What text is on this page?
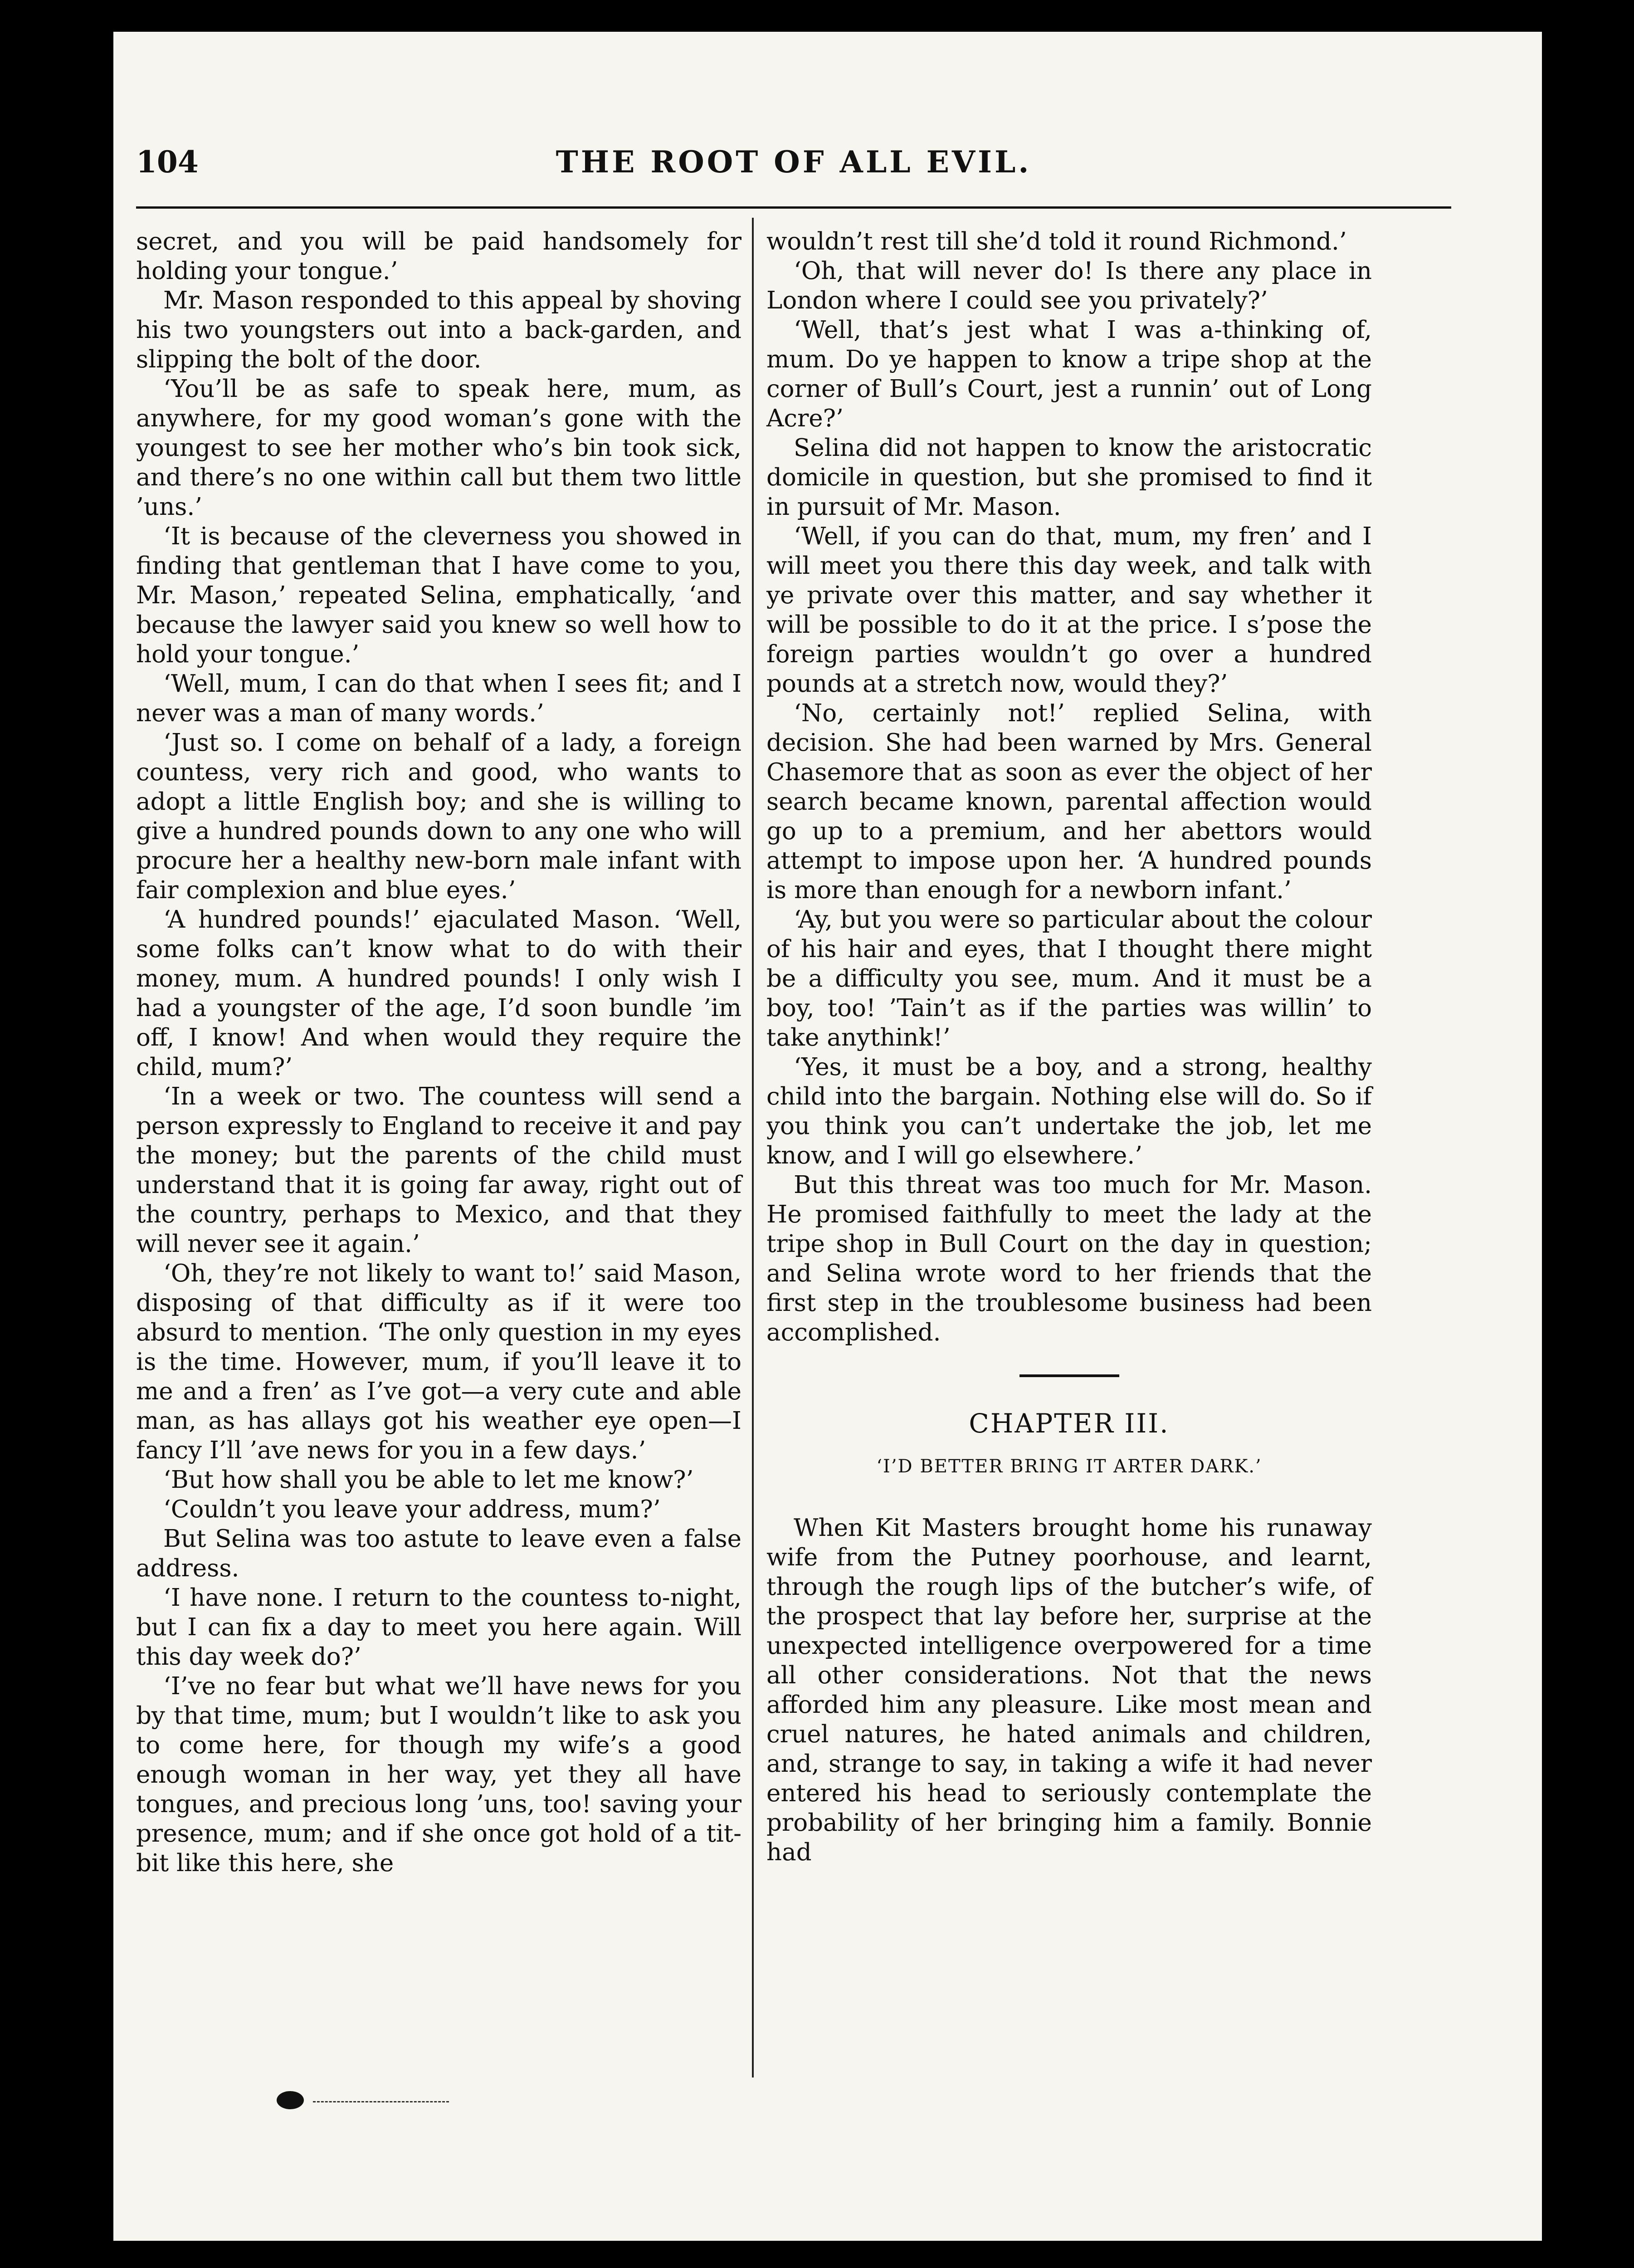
104	THE ROOT OF ALL EVIL.

secret, and you will be paid handsomely for holding your tongue.’

Mr. Mason responded to this appeal by shoving his two youngsters out into a back-garden, and slipping the bolt of the door.

‘You’ll be as safe to speak here, mum, as anywhere, for my good woman’s gone with the youngest to see her mother who’s bin took sick, and there’s no one within call but them two little ’uns.’

‘It is because of the cleverness you showed in finding that gentleman that I have come to you, Mr. Mason,’ repeated Selina, emphatically, ‘and because the lawyer said you knew so well how to hold your tongue.’

‘Well, mum, I can do that when I sees fit; and I never was a man of many words.’

‘Just so. I come on behalf of a lady, a foreign countess, very rich and good, who wants to adopt a little English boy; and she is willing to give a hundred pounds down to any one who will procure her a healthy new-born male infant with fair complexion and blue eyes.’

‘A hundred pounds!’ ejaculated Mason. ‘Well, some folks can’t know what to do with their money, mum. A hundred pounds! I only wish I had a youngster of the age, I’d soon bundle ’im off, I know! And when would they require the child, mum?’

‘In a week or two. The countess will send a person expressly to England to receive it and pay the money; but the parents of the child must understand that it is going far away, right out of the country, perhaps to Mexico, and that they will never see it again.’

‘Oh, they’re not likely to want to!’ said Mason, disposing of that difficulty as if it were too absurd to mention. ‘The only question in my eyes is the time. However, mum, if you’ll leave it to me and a fren’ as I’ve got—a very cute and able man, as has allays got his weather eye open—I fancy I’ll ’ave news for you in a few days.’

‘But how shall you be able to let me know?’

‘Couldn’t you leave your address, mum?’

But Selina was too astute to leave even a false address.

‘I have none. I return to the countess to-night, but I can fix a day to meet you here again. Will this day week do?’

‘I’ve no fear but what we’ll have news for you by that time, mum; but I wouldn’t like to ask you to come here, for though my wife’s a good enough woman in her way, yet they all have tongues, and precious long ’uns, too! saving your presence, mum; and if she once got hold of a tit-bit like this here, she

wouldn’t rest till she’d told it round Richmond.’

‘Oh, that will never do! Is there any place in London where I could see you privately?’

‘Well, that’s jest what I was a-thinking of, mum. Do ye happen to know a tripe shop at the corner of Bull’s Court, jest a runnin’ out of Long Acre?’

Selina did not happen to know the aristocratic domicile in question, but she promised to find it in pursuit of Mr. Mason.

‘Well, if you can do that, mum, my fren’ and I will meet you there this day week, and talk with ye private over this matter, and say whether it will be possible to do it at the price. I s’pose the foreign parties wouldn’t go over a hundred pounds at a stretch now, would they?’

‘No, certainly not!’ replied Selina, with decision. She had been warned by Mrs. General Chasemore that as soon as ever the object of her search became known, parental affection would go up to a premium, and her abettors would attempt to impose upon her. ‘A hundred pounds is more than enough for a newborn infant.’

‘Ay, but you were so particular about the colour of his hair and eyes, that I thought there might be a difficulty you see, mum. And it must be a boy, too! ’Tain’t as if the parties was willin’ to take anythink!’

‘Yes, it must be a boy, and a strong, healthy child into the bargain. Nothing else will do. So if you think you can’t undertake the job, let me know, and I will go elsewhere.’

But this threat was too much for Mr. Mason. He promised faithfully to meet the lady at the tripe shop in Bull Court on the day in question; and Selina wrote word to her friends that the first step in the troublesome business had been accomplished.

CHAPTER III.
‘I’D BETTER BRING IT ARTER DARK.’

When Kit Masters brought home his runaway wife from the Putney poorhouse, and learnt, through the rough lips of the butcher’s wife, of the prospect that lay before her, surprise at the unexpected intelligence overpowered for a time all other considerations. Not that the news afforded him any pleasure. Like most mean and cruel natures, he hated animals and children, and, strange to say, in taking a wife it had never entered his head to seriously contemplate the probability of her bringing him a family. Bonnie had
